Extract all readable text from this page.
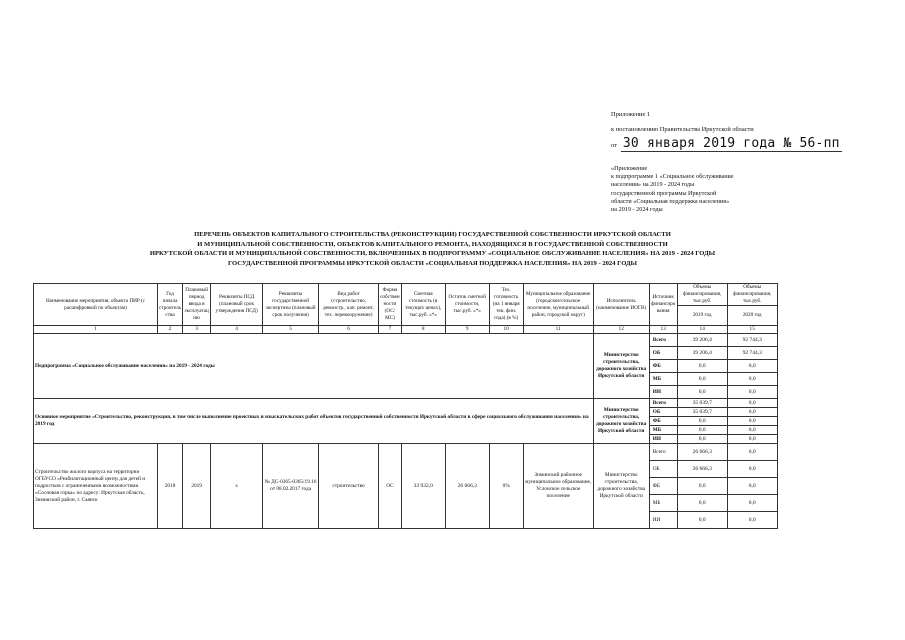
Приложение 1
к постановлению Правительства Иркутской области
от 30 января 2019 года № 56-пп
«Приложение
к подпрограмме 1 «Социальное обслуживание
населения» на 2019 - 2024 годы
государственной программы Иркутской
области «Социальная поддержка населения»
на 2019 - 2024 годы
ПЕРЕЧЕНЬ ОБЪЕКТОВ КАПИТАЛЬНОГО СТРОИТЕЛЬСТВА (РЕКОНСТРУКЦИИ) ГОСУДАРСТВЕННОЙ СОБСТВЕННОСТИ ИРКУТСКОЙ ОБЛАСТИ
И МУНИЦИПАЛЬНОЙ СОБСТВЕННОСТИ, ОБЪЕКТОВ КАПИТАЛЬНОГО РЕМОНТА, НАХОДЯЩИХСЯ В ГОСУДАРСТВЕННОЙ СОБСТВЕННОСТИ
ИРКУТСКОЙ ОБЛАСТИ И МУНИЦИПАЛЬНОЙ СОБСТВЕННОСТИ, ВКЛЮЧЕННЫХ В ПОДПРОГРАММУ «СОЦИАЛЬНОЕ ОБСЛУЖИВАНИЕ НАСЕЛЕНИЯ» НА 2019 - 2024 ГОДЫ
ГОСУДАРСТВЕННОЙ ПРОГРАММЫ ИРКУТСКОЙ ОБЛАСТИ «СОЦИАЛЬНАЯ ПОДДЕРЖКА НАСЕЛЕНИЯ» НА 2019 - 2024 ГОДЫ
Наименование мероприятия, объекта ПИР (с расшифровкой по объектам)	Год начала строитель ства	Плановый период ввода в эксплуатац ию	Реквизиты ПСД (плановый срок утверждения ПСД)	Реквизиты государственной экспертизы (плановый срок получения)	Вид работ (строительство, реконстр., кап. ремонт, тех. перевооружение)	Форма собствен ности (ОС/МС)	Сметная стоимость (в текущих ценах), тыс.руб. «*»	Остаток сметной стоимости, тыс.руб. «*»	Тех. готовность (на 1 января тек. фин. года) (в %)	Муниципальное образование (городское/сельское поселение, муниципальный район, городской округ)	Исполнитель (наименование ИОГВ)	Источник финансиро вания	Объемы финансирования, тыс.руб.	Объемы финансирования, тыс.руб.
													2019 год	2020 год
1	2	3	4	5	6	7	8	9	10	11	12	13	14	15
Подпрограмма «Социальное обслуживание населения» на 2019 - 2024 годы											Министерство строительства, дорожного хозяйства Иркутской области	Всего	39 206,4	92 744,3
												ОБ	39 206,4	92 744,3
												ФБ	0,0	0,0
												МБ	0,0	0,0
												ИИ	0,0	0,0
Основное мероприятие «Строительство, реконструкция, в том числе выполнение проектных и изыскательских работ объектов государственной собственности Иркутской области в сфере социального обслуживания населения» на 2019 год											Министерство строительства, дорожного хозяйства Иркутской области	Всего	35 039,7	0,0
												ОБ	35 039,7	0,0
												ФБ	0,0	0,0
												МБ	0,0	0,0
												ИИ	0,0	0,0
Строительство жилого корпуса на территории ОГБУСО «Реабилитационный центр для детей и подростков с ограниченными возможностями «Сосновая горка» по адресу: Иркутская область, Зиминский район, г. Саянск	2018	2019	x	№ ДС-0365-0365/19.16 от 08.02.2017 года	строительство	ОС	33 932,0	26 666,3	0%	Зиминский районное муниципальное образование, Услонское сельское поселение	Министерство строительства, дорожного хозяйства Иркутской области	Всего	26 666,3	0,0
												ОБ	26 666,3	0,0
												ФБ	0,0	0,0
												МБ	0,0	0,0
												ИИ	0,0	0,0
